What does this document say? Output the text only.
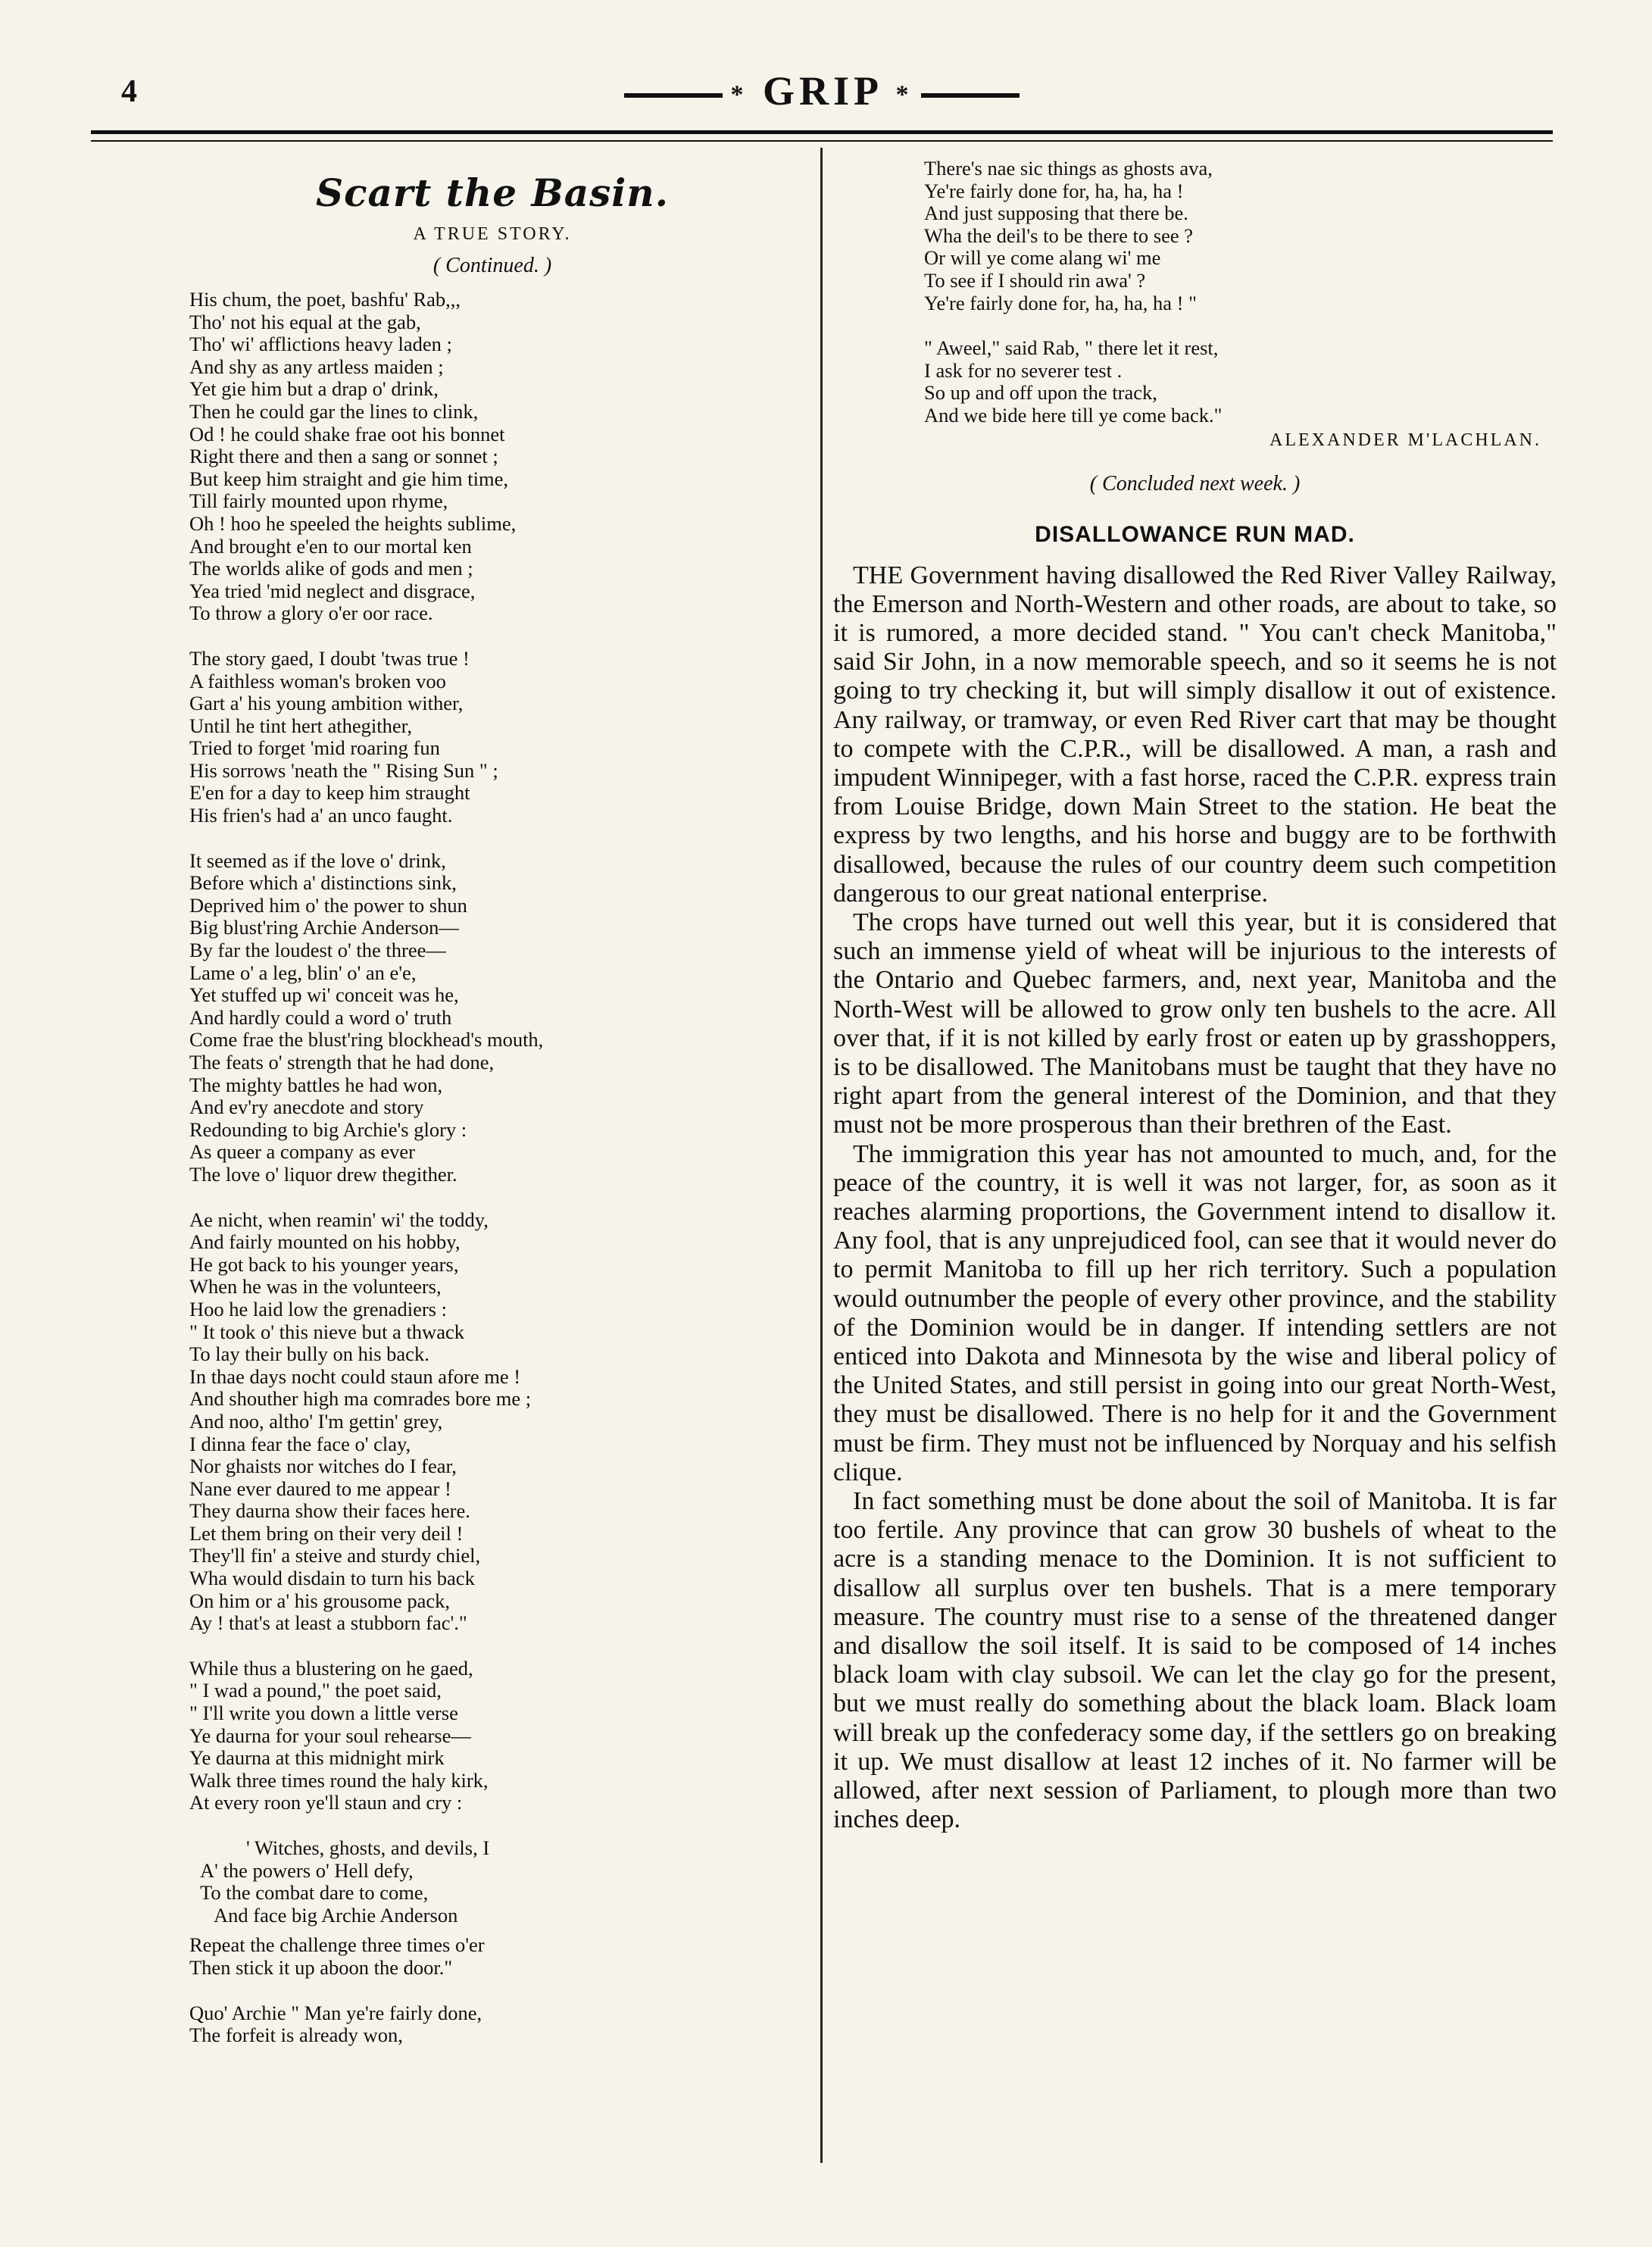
4	* GRIP *
Scart the Basin.
A TRUE STORY.
( Continued. )
His chum, the poet, bashfu' Rab,,,
Tho' not his equal at the gab,
Tho' wi' afflictions heavy laden ;
And shy as any artless maiden ;
Yet gie him but a drap o' drink,
Then he could gar the lines to clink,
Od ! he could shake frae oot his bonnet
Right there and then a sang or sonnet ;
But keep him straight and gie him time,
Till fairly mounted upon rhyme,
Oh ! hoo he speeled the heights sublime,
And brought e'en to our mortal ken
The worlds alike of gods and men ;
Yea tried 'mid neglect and disgrace,
To throw a glory o'er oor race.
The story gaed, I doubt 'twas true !
A faithless woman's broken voo
Gart a' his young ambition wither,
Until he tint hert athegither,
Tried to forget 'mid roaring fun
His sorrows 'neath the " Rising Sun " ;
E'en for a day to keep him straught
His frien's had a' an unco faught.
It seemed as if the love o' drink,
Before which a' distinctions sink,
Deprived him o' the power to shun
Big blust'ring Archie Anderson—
By far the loudest o' the three—
Lame o' a leg, blin' o' an e'e,
Yet stuffed up wi' conceit was he,
And hardly could a word o' truth
Come frae the blust'ring blockhead's mouth,
The feats o' strength that he had done,
The mighty battles he had won,
And ev'ry anecdote and story
Redounding to big Archie's glory :
As queer a company as ever
The love o' liquor drew thegither.
Ae nicht, when reamin' wi' the toddy,
And fairly mounted on his hobby,
He got back to his younger years,
When he was in the volunteers,
Hoo he laid low the grenadiers :
" It took o' this nieve but a thwack
To lay their bully on his back.
In thae days nocht could staun afore me !
And shouther high ma comrades bore me ;
And noo, altho' I'm gettin' grey,
I dinna fear the face o' clay,
Nor ghaists nor witches do I fear,
Nane ever daured to me appear !
They daurna show their faces here.
Let them bring on their very deil !
They'll fin' a steive and sturdy chiel,
Wha would disdain to turn his back
On him or a' his grousome pack,
Ay ! that's at least a stubborn fac'."
While thus a blustering on he gaed,
" I wad a pound," the poet said,
" I'll write you down a little verse
Ye daurna for your soul rehearse—
Ye daurna at this midnight mirk
Walk three times round the haly kirk,
At every roon ye'll staun and cry :
' Witches, ghosts, and devils, I
A' the powers o' Hell defy,
To the combat dare to come,
And face big Archie Anderson
Repeat the challenge three times o'er
Then stick it up aboon the door."
Quo' Archie " Man ye're fairly done,
The forfeit is already won,
There's nae sic things as ghosts ava,
Ye're fairly done for, ha, ha, ha !
And just supposing that there be.
Wha the deil's to be there to see ?
Or will ye come alang wi' me
To see if I should rin awa' ?
Ye're fairly done for, ha, ha, ha ! "
" Aweel," said Rab, " there let it rest,
I ask for no severer test .
So up and off upon the track,
And we bide here till ye come back."
ALEXANDER M'LACHLAN.
( Concluded next week. )
DISALLOWANCE RUN MAD.

THE Government having disallowed the Red River Valley Railway, the Emerson and North-Western and other roads, are about to take, so it is rumored, a more decided stand. " You can't check Manitoba," said Sir John, in a now memorable speech, and so it seems he is not going to try checking it, but will simply disallow it out of existence. Any railway, or tramway, or even Red River cart that may be thought to compete with the C.P.R., will be disallowed. A man, a rash and impudent Winnipeger, with a fast horse, raced the C.P.R. express train from Louise Bridge, down Main Street to the station. He beat the express by two lengths, and his horse and buggy are to be forthwith disallowed, because the rules of our country deem such competition dangerous to our great national enterprise.

The crops have turned out well this year, but it is considered that such an immense yield of wheat will be injurious to the interests of the Ontario and Quebec farmers, and, next year, Manitoba and the North-West will be allowed to grow only ten bushels to the acre. All over that, if it is not killed by early frost or eaten up by grasshoppers, is to be disallowed. The Manitobans must be taught that they have no right apart from the general interest of the Dominion, and that they must not be more prosperous than their brethren of the East.

The immigration this year has not amounted to much, and, for the peace of the country, it is well it was not larger, for, as soon as it reaches alarming proportions, the Government intend to disallow it. Any fool, that is any unprejudiced fool, can see that it would never do to permit Manitoba to fill up her rich territory. Such a population would outnumber the people of every other province, and the stability of the Dominion would be in danger. If intending settlers are not enticed into Dakota and Minnesota by the wise and liberal policy of the United States, and still persist in going into our great North-West, they must be disallowed. There is no help for it and the Government must be firm. They must not be influenced by Norquay and his selfish clique.

In fact something must be done about the soil of Manitoba. It is far too fertile. Any province that can grow 30 bushels of wheat to the acre is a standing menace to the Dominion. It is not sufficient to disallow all surplus over ten bushels. That is a mere temporary measure. The country must rise to a sense of the threatened danger and disallow the soil itself. It is said to be composed of 14 inches black loam with clay subsoil. We can let the clay go for the present, but we must really do something about the black loam. Black loam will break up the confederacy some day, if the settlers go on breaking it up. We must disallow at least 12 inches of it. No farmer will be allowed, after next session of Parliament, to plough more than two inches deep.
